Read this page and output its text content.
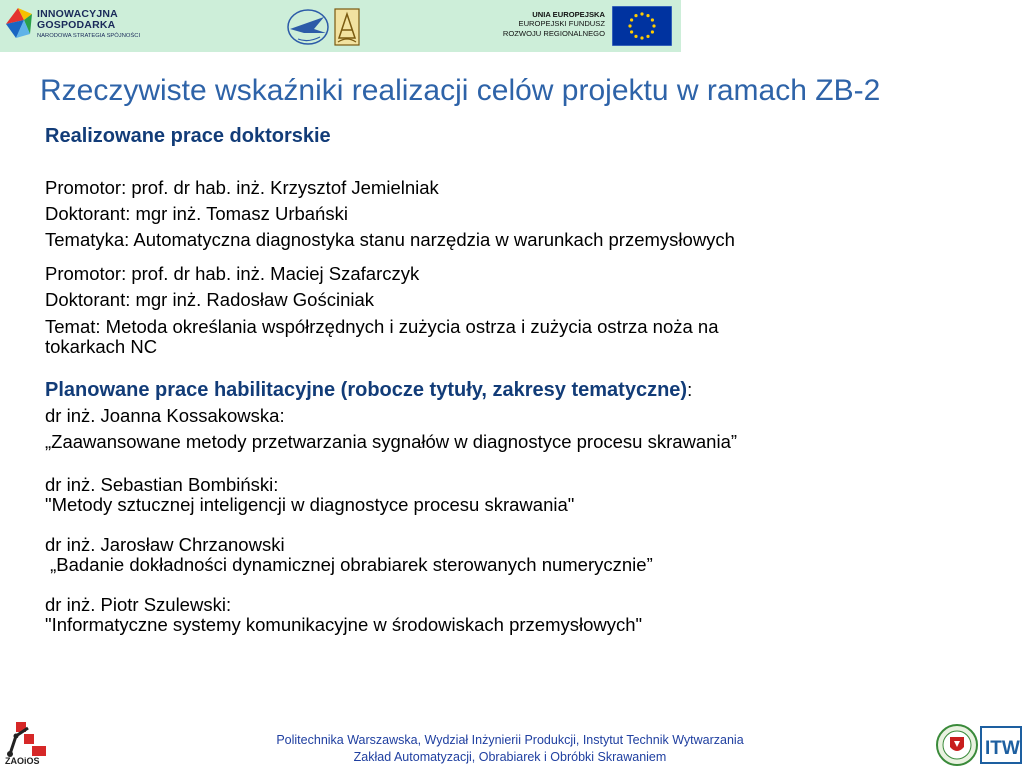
INNOWACYJNA
GOSPODARKA
NARODOWA STRATEGIA SPÓJNOŚCI
UNIA EUROPEJSKA
EUROPEJSKI FUNDUSZ
ROZWOJU REGIONALNEGO
Rzeczywiste wskaźniki realizacji celów projektu w ramach ZB-2
Realizowane prace doktorskie
Promotor: prof. dr hab. inż. Krzysztof Jemielniak
Doktorant: mgr inż. Tomasz Urbański
Tematyka: Automatyczna diagnostyka stanu narzędzia w warunkach przemysłowych
Promotor: prof. dr hab. inż. Maciej Szafarczyk
Doktorant: mgr inż. Radosław Gościniak
Temat: Metoda określania współrzędnych i zużycia ostrza i zużycia ostrza noża na
tokarkach NC
Planowane prace habilitacyjne (robocze tytuły, zakresy tematyczne):
dr inż. Joanna Kossakowska:
„Zaawansowane metody przetwarzania sygnałów w diagnostyce procesu skrawania”
dr inż. Sebastian Bombiński:
"Metody sztucznej inteligencji w diagnostyce procesu skrawania"
dr inż. Jarosław Chrzanowski
„Badanie dokładności dynamicznej obrabiarek sterowanych numerycznie”
dr inż. Piotr Szulewski:
"Informatyczne systemy komunikacyjne w środowiskach przemysłowych"
ZAOiOS
Politechnika Warszawska, Wydział Inżynierii Produkcji, Instytut Technik Wytwarzania
Zakład Automatyzacji, Obrabiarek i Obróbki Skrawaniem	ITW
